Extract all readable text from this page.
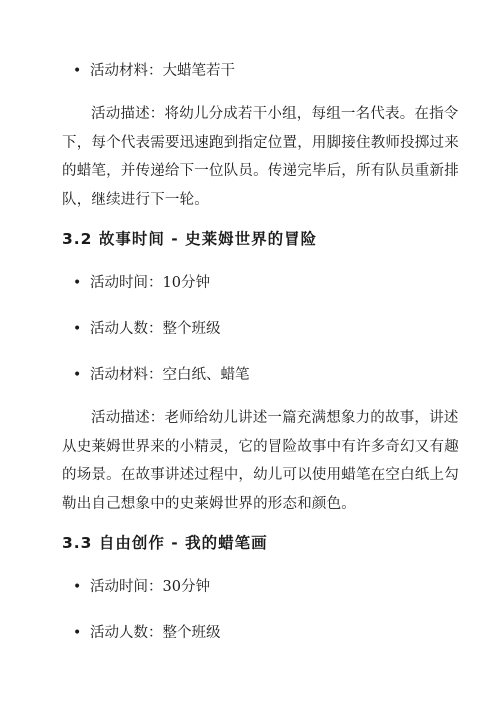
• 活动材料：大蜡笔若干

活动描述：将幼儿分成若干小组，每组一名代表。在指令下，每个代表需要迅速跑到指定位置，用脚接住教师投掷过来的蜡笔，并传递给下一位队员。传递完毕后，所有队员重新排队，继续进行下一轮。

3.2 故事时间 - 史莱姆世界的冒险

• 活动时间：10分钟

• 活动人数：整个班级

• 活动材料：空白纸、蜡笔

活动描述：老师给幼儿讲述一篇充满想象力的故事，讲述从史莱姆世界来的小精灵，它的冒险故事中有许多奇幻又有趣的场景。在故事讲述过程中，幼儿可以使用蜡笔在空白纸上勾勒出自己想象中的史莱姆世界的形态和颜色。

3.3 自由创作 - 我的蜡笔画

• 活动时间：30分钟

• 活动人数：整个班级
